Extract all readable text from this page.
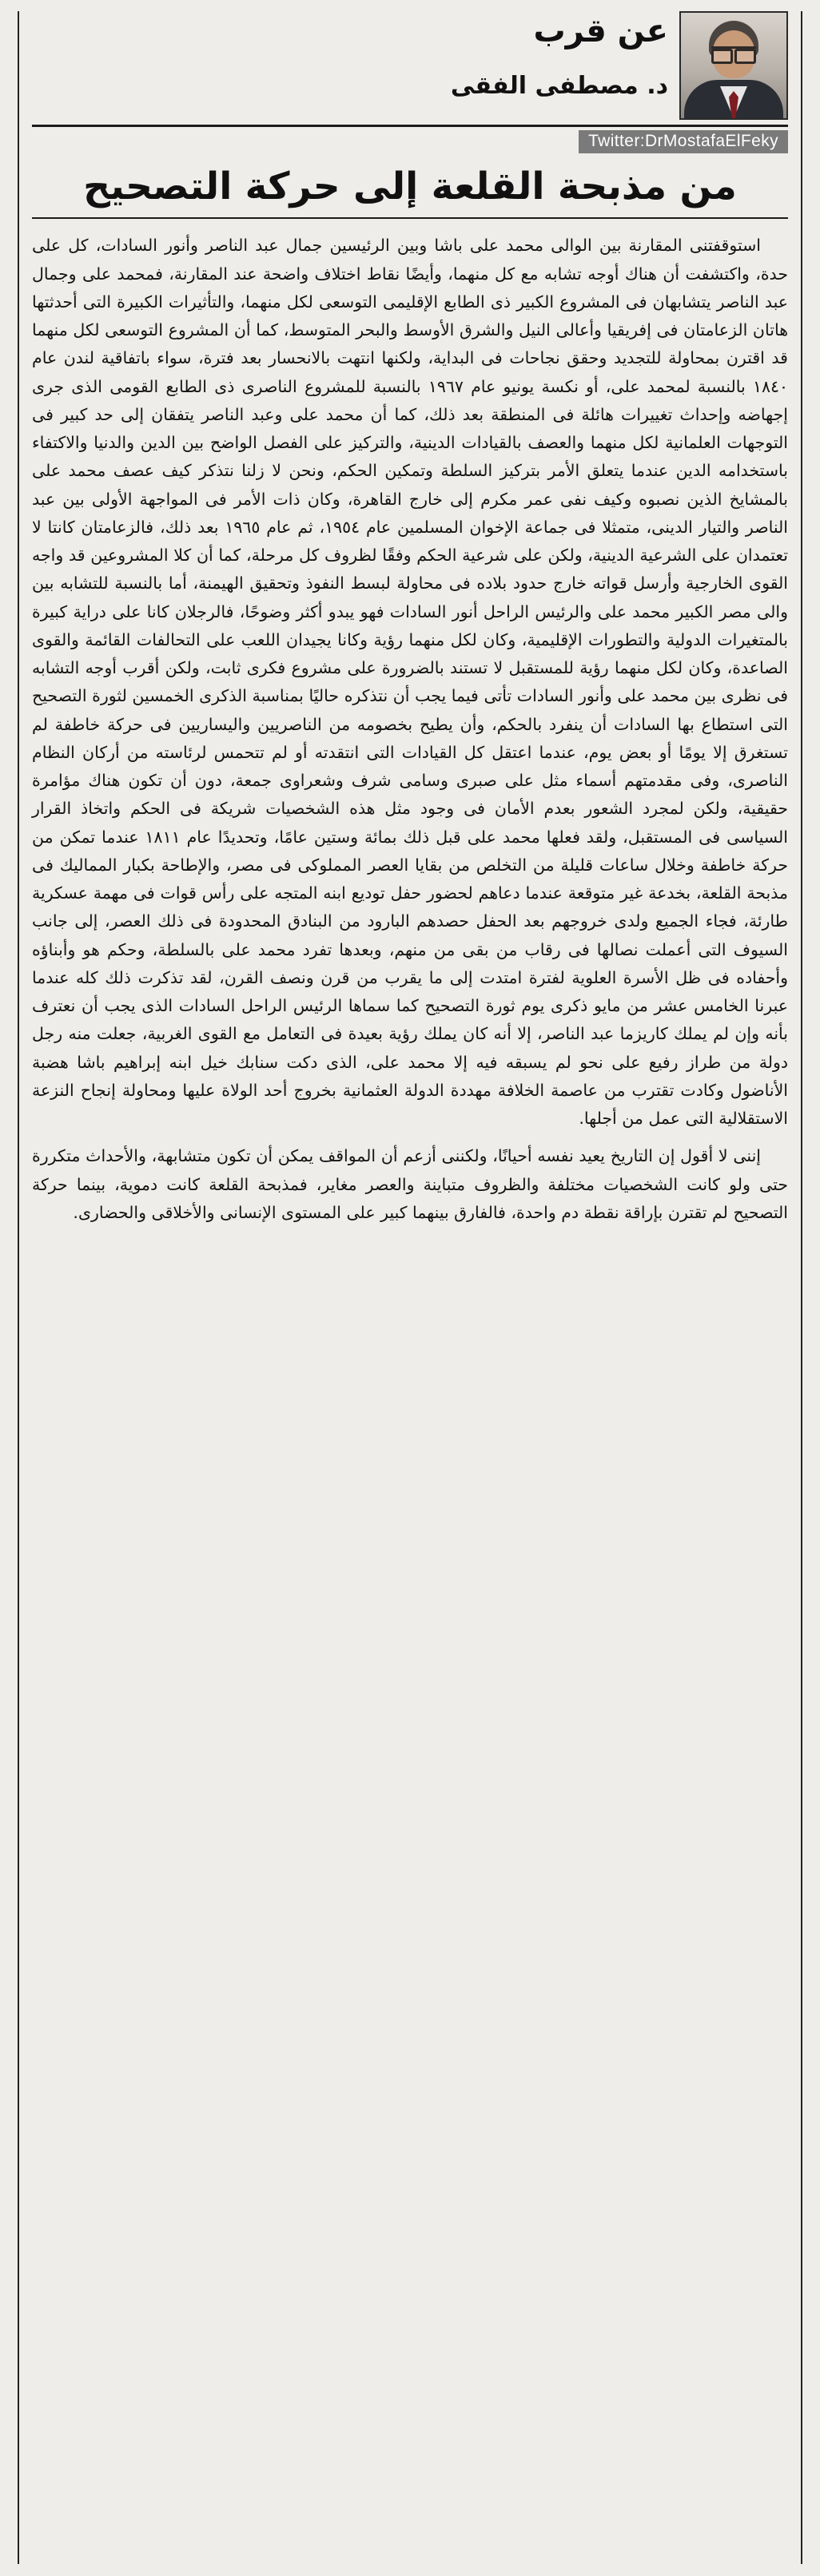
عن قرب
د. مصطفى الفقى
Twitter:DrMostafaElFeky
من مذبحة القلعة إلى حركة التصحيح

استوقفتنى المقارنة بين الوالى محمد على باشا وبين الرئيسين جمال عبد الناصر وأنور السادات، كل على حدة، واكتشفت أن هناك أوجه تشابه مع كل منهما، وأيضًا نقاط اختلاف واضحة عند المقارنة، فمحمد على وجمال عبد الناصر يتشابهان فى المشروع الكبير ذى الطابع الإقليمى التوسعى لكل منهما، والتأثيرات الكبيرة التى أحدثتها هاتان الزعامتان فى إفريقيا وأعالى النيل والشرق الأوسط والبحر المتوسط، كما أن المشروع التوسعى لكل منهما قد اقترن بمحاولة للتجديد وحقق نجاحات فى البداية، ولكنها انتهت بالانحسار بعد فترة، سواء باتفاقية لندن عام ١٨٤٠ بالنسبة لمحمد على، أو نكسة يونيو عام ١٩٦٧ بالنسبة للمشروع الناصرى ذى الطابع القومى الذى جرى إجهاضه وإحداث تغييرات هائلة فى المنطقة بعد ذلك، كما أن محمد على وعبد الناصر يتفقان إلى حد كبير فى التوجهات العلمانية لكل منهما والعصف بالقيادات الدينية، والتركيز على الفصل الواضح بين الدين والدنيا والاكتفاء باستخدامه الدين عندما يتعلق الأمر بتركيز السلطة وتمكين الحكم، ونحن لا زلنا نتذكر كيف عصف محمد على بالمشايخ الذين نصبوه وكيف نفى عمر مكرم إلى خارج القاهرة، وكان ذات الأمر فى المواجهة الأولى بين عبد الناصر والتيار الدينى، متمثلا فى جماعة الإخوان المسلمين عام ١٩٥٤، ثم عام ١٩٦٥ بعد ذلك، فالزعامتان كانتا لا تعتمدان على الشرعية الدينية، ولكن على شرعية الحكم وفقًا لظروف كل مرحلة، كما أن كلا المشروعين قد واجه القوى الخارجية وأرسل قواته خارج حدود بلاده فى محاولة لبسط النفوذ وتحقيق الهيمنة، أما بالنسبة للتشابه بين والى مصر الكبير محمد على والرئيس الراحل أنور السادات فهو يبدو أكثر وضوحًا، فالرجلان كانا على دراية كبيرة بالمتغيرات الدولية والتطورات الإقليمية، وكان لكل منهما رؤية وكانا يجيدان اللعب على التحالفات القائمة والقوى الصاعدة، وكان لكل منهما رؤية للمستقبل لا تستند بالضرورة على مشروع فكرى ثابت، ولكن أقرب أوجه التشابه فى نظرى بين محمد على وأنور السادات تأتى فيما يجب أن نتذكره حاليًا بمناسبة الذكرى الخمسين لثورة التصحيح التى استطاع بها السادات أن ينفرد بالحكم، وأن يطيح بخصومه من الناصريين واليساريين فى حركة خاطفة لم تستغرق إلا يومًا أو بعض يوم، عندما اعتقل كل القيادات التى انتقدته أو لم تتحمس لرئاسته من أركان النظام الناصرى، وفى مقدمتهم أسماء مثل على صبرى وسامى شرف وشعراوى جمعة، دون أن تكون هناك مؤامرة حقيقية، ولكن لمجرد الشعور بعدم الأمان فى وجود مثل هذه الشخصيات شريكة فى الحكم واتخاذ القرار السياسى فى المستقبل، ولقد فعلها محمد على قبل ذلك بمائة وستين عامًا، وتحديدًا عام ١٨١١ عندما تمكن من حركة خاطفة وخلال ساعات قليلة من التخلص من بقايا العصر المملوكى فى مصر، والإطاحة بكبار المماليك فى مذبحة القلعة، بخدعة غير متوقعة عندما دعاهم لحضور حفل توديع ابنه المتجه على رأس قوات فى مهمة عسكرية طارئة، فجاء الجميع ولدى خروجهم بعد الحفل حصدهم البارود من البنادق المحدودة فى ذلك العصر، إلى جانب السيوف التى أعملت نصالها فى رقاب من بقى من منهم، وبعدها تفرد محمد على بالسلطة، وحكم هو وأبناؤه وأحفاده فى ظل الأسرة العلوية لفترة امتدت إلى ما يقرب من قرن ونصف القرن، لقد تذكرت ذلك كله عندما عبرنا الخامس عشر من مايو ذكرى يوم ثورة التصحيح كما سماها الرئيس الراحل السادات الذى يجب أن نعترف بأنه وإن لم يملك كاريزما عبد الناصر، إلا أنه كان يملك رؤية بعيدة فى التعامل مع القوى الغربية، جعلت منه رجل دولة من طراز رفيع على نحو لم يسبقه فيه إلا محمد على، الذى دكت سنابك خيل ابنه إبراهيم باشا هضبة الأناضول وكادت تقترب من عاصمة الخلافة مهددة الدولة العثمانية بخروج أحد الولاة عليها ومحاولة إنجاح النزعة الاستقلالية التى عمل من أجلها.

إننى لا أقول إن التاريخ يعيد نفسه أحيانًا، ولكننى أزعم أن المواقف يمكن أن تكون متشابهة، والأحداث متكررة حتى ولو كانت الشخصيات مختلفة والظروف متباينة والعصر مغاير، فمذبحة القلعة كانت دموية، بينما حركة التصحيح لم تقترن بإراقة نقطة دم واحدة، فالفارق بينهما كبير على المستوى الإنسانى والأخلاقى والحضارى.
